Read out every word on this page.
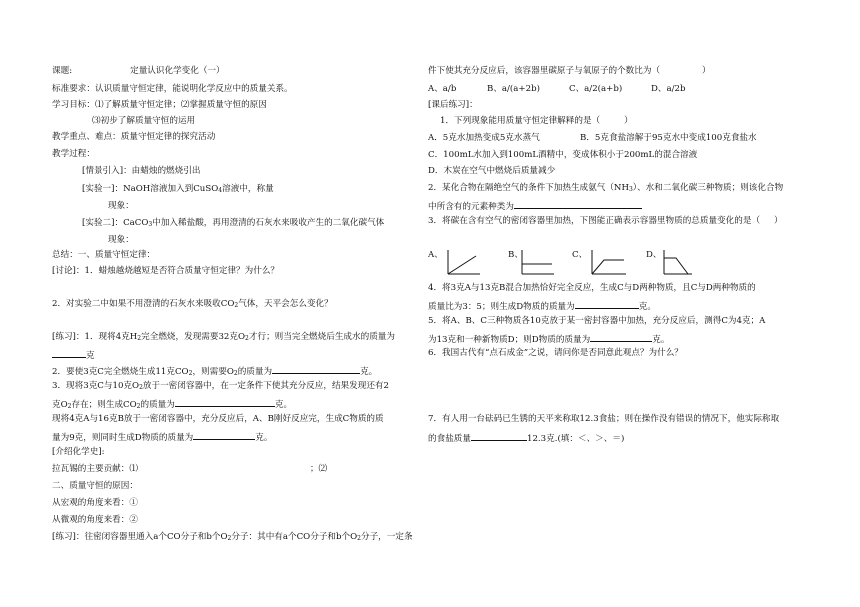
课题:	定量认识化学变化（一）
标准要求：认识质量守恒定律，能说明化学反应中的质量关系。
学习目标：⑴了解质量守恒定律；⑵掌握质量守恒的原因
⑶初步了解质量守恒的运用
教学重点、难点：质量守恒定律的探究活动
教学过程：
[情景引入]：由蜡烛的燃烧引出
[实验一]：NaOH溶液加入到CuSO$_4$溶液中，称量
现象：
[实验二]：CaCO$_3$中加入稀盐酸，再用澄清的石灰水来吸收产生的二氧化碳气体
现象：
总结：一、质量守恒定律：
[讨论]：1．蜡烛越烧越短是否符合质量守恒定律？为什么？
2．对实验二中如果不用澄清的石灰水来吸收$CO_2$气体，天平会怎么变化？
[练习]：1．现将4克$H_2$完全燃烧，发现需要32克$O_2$才行；则当完全燃烧后生成水的质量为
克
2．要使3克C完全燃烧生成11克$CO_2$，则需要$O_2$的质量为	克。
3．现将3克C与10克$O_2$放于一密闭容器中，在一定条件下使其充分反应，结果发现还有2
克$O_2$存在；则生成$CO_2$的质量为	克。
现将4克A与16克B放于一密闭容器中，充分反应后，A、B刚好反应完，生成C物质的质
量为9克，则同时生成D物质的质量为	克。
[介绍化学史]:
拉瓦锡的主要贡献：⑴	；⑵
二、质量守恒的原因：
从宏观的角度来看：①
从微观的角度来看：②
[练习]：往密闭容器里通入a个CO分子和b个$O_2$分子：其中有a个CO分子和b个$O_2$分子，一定条
件下使其充分反应后，该容器里碳原子与氧原子的个数比为（	）
A、a/b	B、a/(a+2b)	C、a/2(a+b)	D、a/2b
[课后练习]：
1．下列现象能用质量守恒定律解释的是（	）
A．5克水加热变成5克水蒸气	B．5克食盐溶解于95克水中变成100克食盐水
C．100mL水加入到100mL酒精中，变成体积小于200mL的混合溶液
D．木炭在空气中燃烧后质量减少
2．某化合物在隔绝空气的条件下加热生成氨气$(NH_3)$、水和二氧化碳三种物质；则该化合物
中所含有的元素种类为
3．将碳在含有空气的密闭容器里加热，下图能正确表示容器里物质的总质量变化的是（ ）
A、	B、	C、	D、
4．将3克A与13克B混合加热恰好完全反应，生成C与D两种物质，且C与D两种物质的
质量比为3：5；则生成D物质的质量为	克。
5．将A、B、C三种物质各10克放于某一密封容器中加热，充分反应后，测得C为4克；A
为13克和一种新物质D；则D物质的质量为	克。
6．我国古代有“点石成金”之说，请问你是否同意此观点？为什么？
7．有人用一台砝码已生锈的天平来称取12.3食盐；则在操作没有错误的情况下，他实际称取
的食盐质量	12.3克.(填：＜、＞、＝)
